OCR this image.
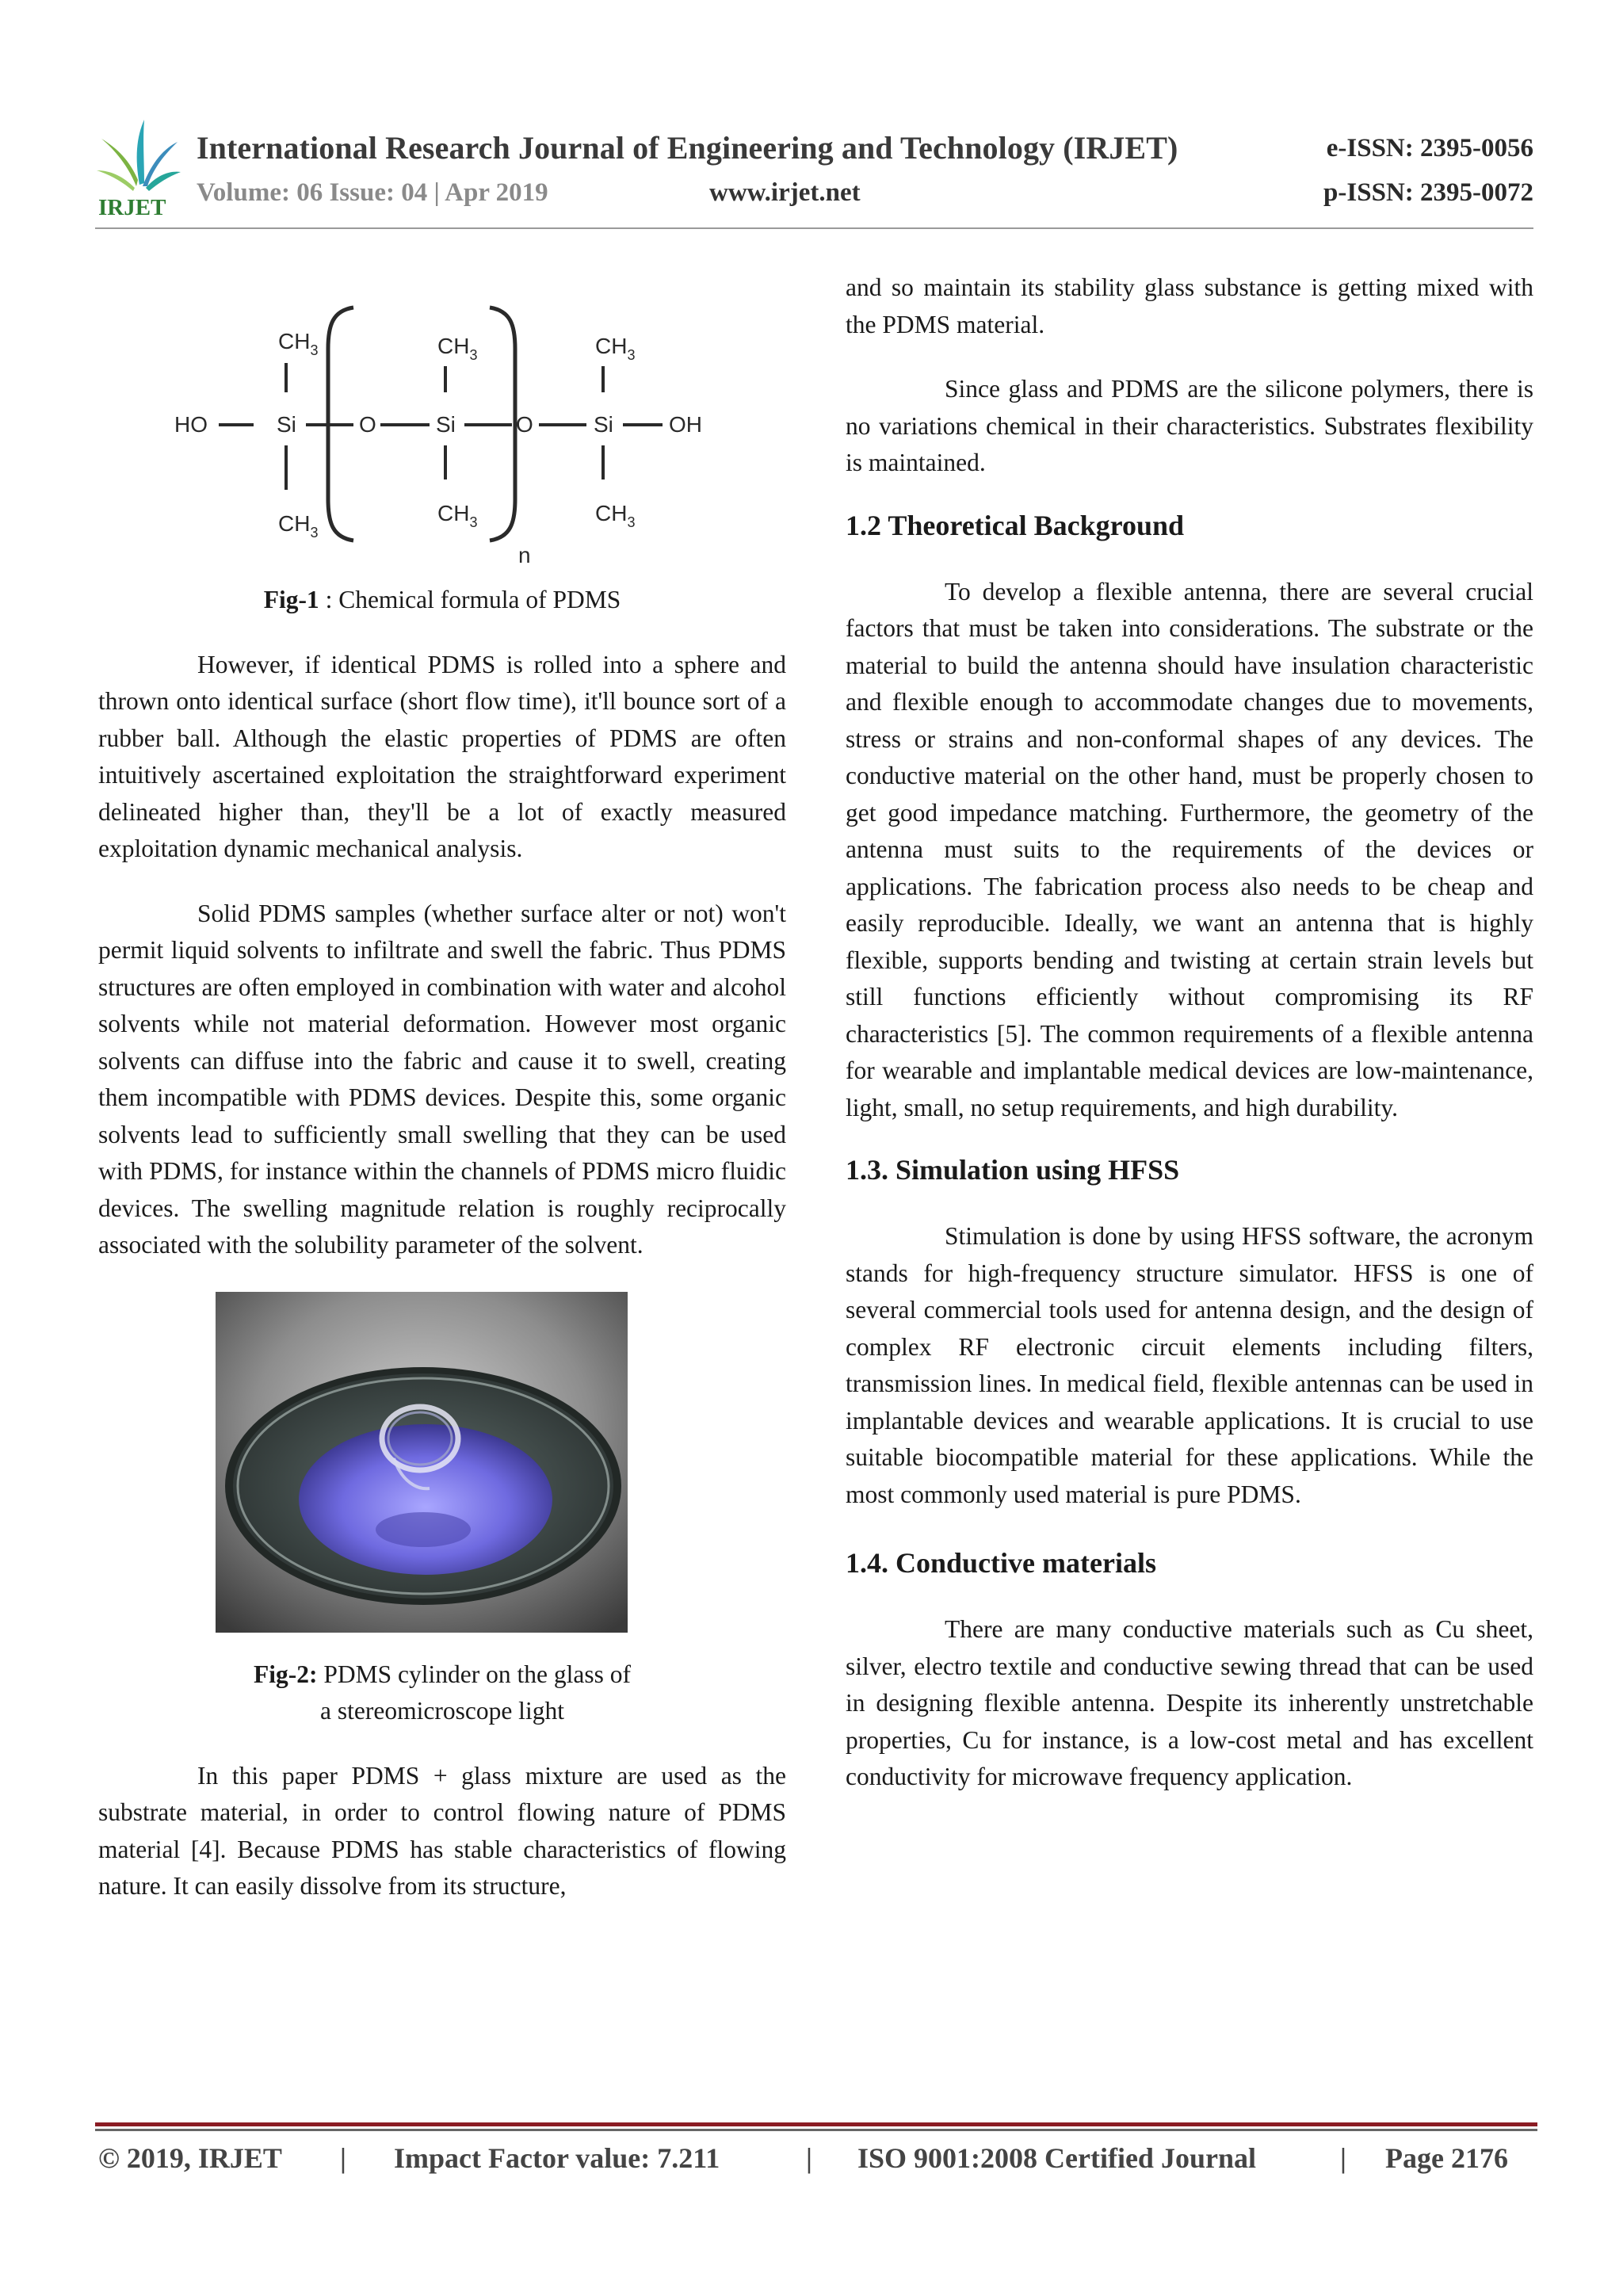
IRJET
International Research Journal of Engineering and Technology (IRJET)	e-ISSN: 2395-0056
Volume: 06 Issue: 04 | Apr 2019	www.irjet.net	p-ISSN: 2395-0072
$CH_3$	$CH_3$	$CH_3$
HO	Si	O	Si	O	Si	OH
$CH_3$
$CH_3$	$CH_3$
n
Fig-1 : Chemical formula of PDMS

However, if identical PDMS is rolled into a sphere and thrown onto identical surface (short flow time), it'll bounce sort of a rubber ball. Although the elastic properties of PDMS are often intuitively ascertained exploitation the straightforward experiment delineated higher than, they'll be a lot of exactly measured exploitation dynamic mechanical analysis.

Solid PDMS samples (whether surface alter or not) won't permit liquid solvents to infiltrate and swell the fabric. Thus PDMS structures are often employed in combination with water and alcohol solvents while not material deformation. However most organic solvents can diffuse into the fabric and cause it to swell, creating them incompatible with PDMS devices. Despite this, some organic solvents lead to sufficiently small swelling that they can be used with PDMS, for instance within the channels of PDMS micro fluidic devices. The swelling magnitude relation is roughly reciprocally associated with the solubility parameter of the solvent.

Fig-2: PDMS cylinder on the glass of
a stereomicroscope light

In this paper PDMS + glass mixture are used as the substrate material, in order to control flowing nature of PDMS material [4]. Because PDMS has stable characteristics of flowing nature. It can easily dissolve from its structure,

and so maintain its stability glass substance is getting mixed with the PDMS material.

Since glass and PDMS are the silicone polymers, there is no variations chemical in their characteristics. Substrates flexibility is maintained.

1.2 Theoretical Background

To develop a flexible antenna, there are several crucial factors that must be taken into considerations. The substrate or the material to build the antenna should have insulation characteristic and flexible enough to accommodate changes due to movements, stress or strains and non-conformal shapes of any devices. The conductive material on the other hand, must be properly chosen to get good impedance matching. Furthermore, the geometry of the antenna must suits to the requirements of the devices or applications. The fabrication process also needs to be cheap and easily reproducible. Ideally, we want an antenna that is highly flexible, supports bending and twisting at certain strain levels but still functions efficiently without compromising its RF characteristics [5]. The common requirements of a flexible antenna for wearable and implantable medical devices are low-maintenance, light, small, no setup requirements, and high durability.

1.3. Simulation using HFSS

Stimulation is done by using HFSS software, the acronym stands for high-frequency structure simulator. HFSS is one of several commercial tools used for antenna design, and the design of complex RF electronic circuit elements including filters, transmission lines. In medical field, flexible antennas can be used in implantable devices and wearable applications. It is crucial to use suitable biocompatible material for these applications. While the most commonly used material is pure PDMS.

1.4. Conductive materials

There are many conductive materials such as Cu sheet, silver, electro textile and conductive sewing thread that can be used in designing flexible antenna. Despite its inherently unstretchable properties, Cu for instance, is a low-cost metal and has excellent conductivity for microwave frequency application.

© 2019, IRJET | Impact Factor value: 7.211	| ISO 9001:2008 Certified Journal	| Page 2176
